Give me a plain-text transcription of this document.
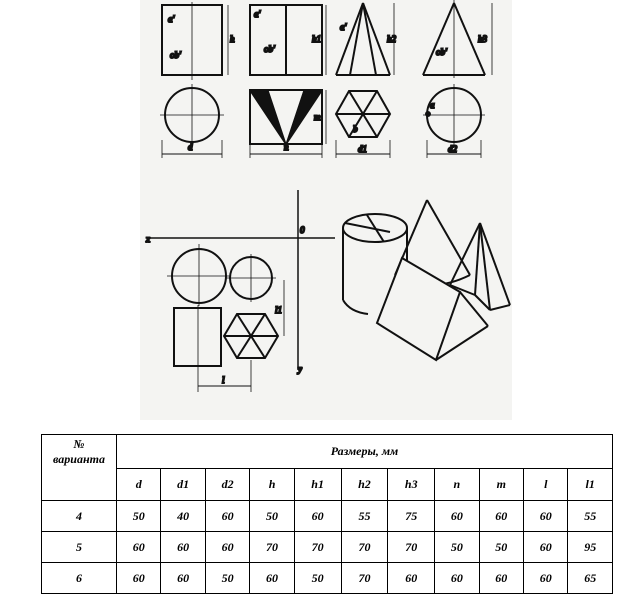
a'
ob'
h
a'
ob'
h1
a'
h2
ob'
h3
d	n
m
b
d1
a
d2
x
0
y
l1
l
№
варианта	Размеры, мм										
	d	d1	d2	h	h1	h2	h3	n	m	l	l1
4	50	40	60	50	60	55	75	60	60	60	55
5	60	60	60	70	70	70	70	50	50	60	95
6	60	60	50	60	50	70	60	60	60	60	65
